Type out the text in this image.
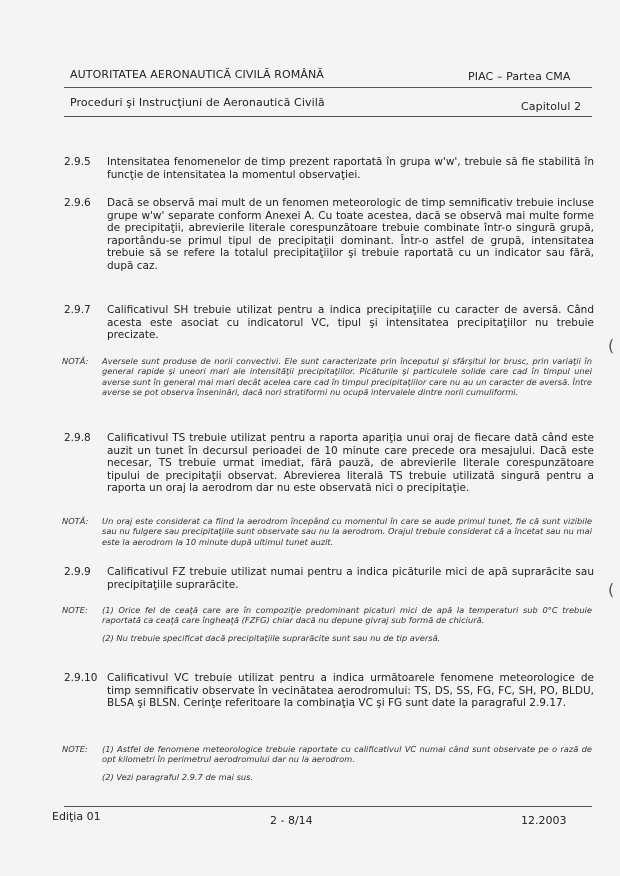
AUTORITATEA AERONAUTICĂ CIVILĂ ROMÂNĂ	PIAC – Partea CMA
Proceduri şi Instrucţiuni de Aeronautică Civilă	Capitolul 2
2.9.5	Intensitatea fenomenelor de timp prezent raportată în grupa w'w', trebuie să fie stabilită în funcţie de intensitatea la momentul observaţiei.
2.9.6	Dacă se observă mai mult de un fenomen meteorologic de timp semnificativ trebuie incluse grupe w'w' separate conform Anexei A. Cu toate acestea, dacă se observă mai multe forme de precipitaţii, abrevierile literale corespunzătoare trebuie combinate într-o singură grupă, raportându-se primul tipul de precipitaţii dominant. Într-o astfel de grupă, intensitatea trebuie să se refere la totalul precipitaţiilor şi trebuie raportată cu un indicator sau fără, după caz.
2.9.7	Calificativul SH trebuie utilizat pentru a indica precipitaţiile cu caracter de aversă. Când acesta este asociat cu indicatorul VC, tipul şi intensitatea precipitaţiilor nu trebuie precizate.
NOTĂ: Aversele sunt produse de norii convectivi. Ele sunt caracterizate prin începutul şi sfârşitul lor brusc, prin variaţii în general rapide şi uneori mari ale intensităţii precipitaţiilor. Picăturile şi particulele solide care cad în timpul unei averse sunt în general mai mari decât acelea care cad în timpul precipitaţiilor care nu au un caracter de aversă. Între averse se pot observa înseninări, dacă nori stratiformi nu ocupă intervalele dintre norii cumuliformi.

2.9.8	Calificativul TS trebuie utilizat pentru a raporta apariţia unui oraj de fiecare dată când este auzit un tunet în decursul perioadei de 10 minute care precede ora mesajului. Dacă este necesar, TS trebuie urmat imediat, fără pauză, de abrevierile literale corespunzătoare tipului de precipitaţii observat. Abrevierea literală TS trebuie utilizată singură pentru a raporta un oraj la aerodrom dar nu este observată nici o precipitaţie.
NOTĂ: Un oraj este considerat ca fiind la aerodrom începând cu momentul în care se aude primul tunet, fie că sunt vizibile sau nu fulgere sau precipitaţiile sunt observate sau nu la aerodrom. Orajul trebuie considerat că a încetat sau nu mai este la aerodrom la 10 minute după ultimul tunet auzit.

2.9.9	Calificativul FZ trebuie utilizat numai pentru a indica picăturile mici de apă suprarăcite sau precipitaţiile suprarăcite.
NOTE: (1) Orice fel de ceaţă care are în compoziţie predominant picaturi mici de apă la temperaturi sub 0°C trebuie raportată ca ceaţă care îngheaţă (FZFG) chiar dacă nu depune givraj sub formă de chiciură.

(2) Nu trebuie specificat dacă precipitaţiile suprarăcite sunt sau nu de tip aversă.

2.9.10 Calificativul VC trebuie utilizat pentru a indica următoarele fenomene meteorologice de timp semnificativ observate în vecinătatea aerodromului: TS, DS, SS, FG, FC, SH, PO, BLDU, BLSA şi BLSN. Cerinţe referitoare la combinaţia VC şi FG sunt date la paragraful 2.9.17.
NOTE: (1) Astfel de fenomene meteorologice trebuie raportate cu calificativul VC numai când sunt observate pe o rază de opt kilometri în perimetrul aerodromului dar nu la aerodrom.

(2) Vezi paragraful 2.9.7 de mai sus.

Ediţia 01	2 - 8/14	12.2003
(
(
